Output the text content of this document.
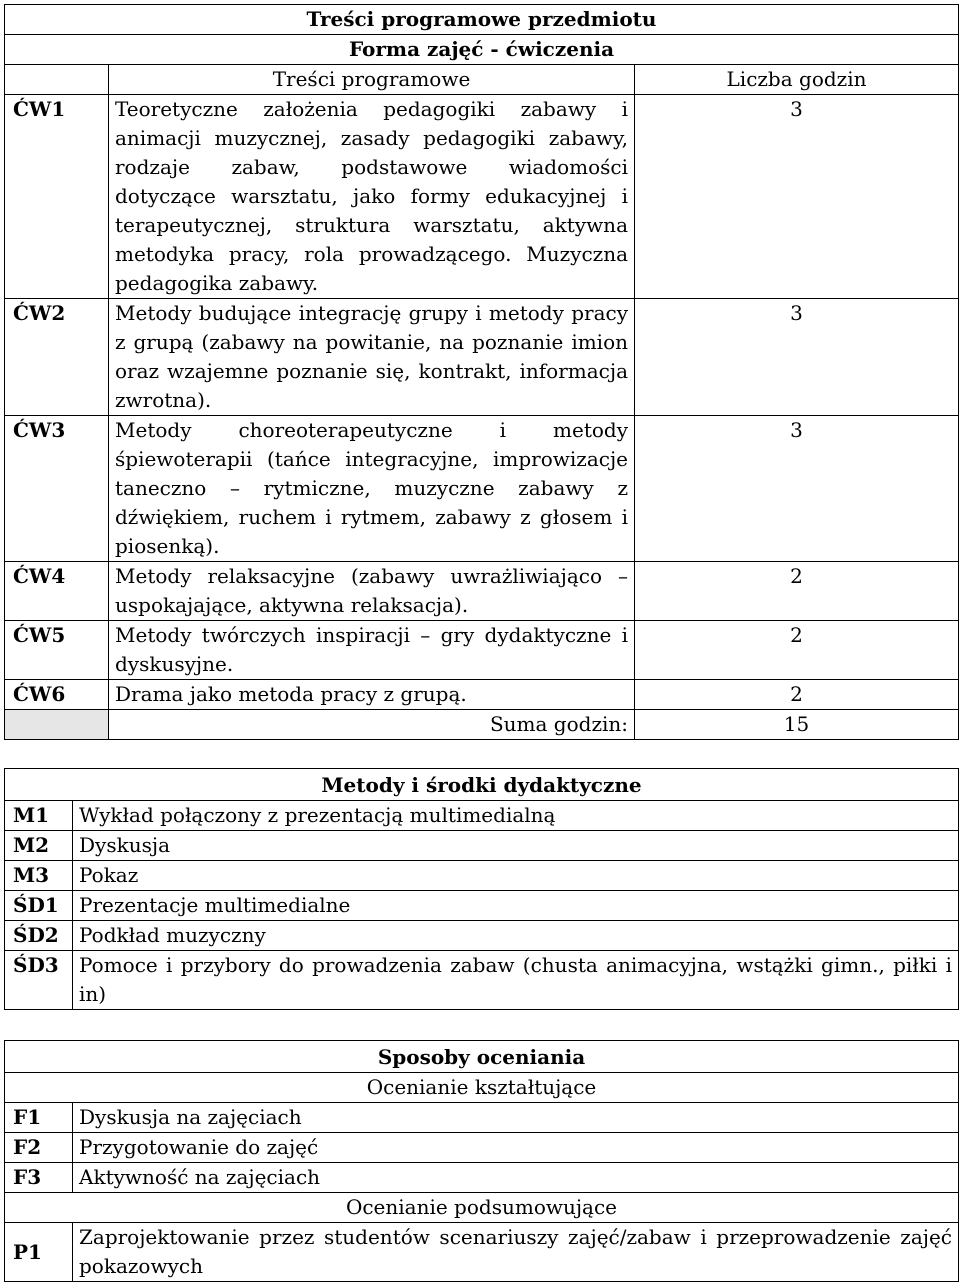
Treści programowe przedmiotu		
Forma zajęć - ćwiczenia		
	Treści programowe	Liczba godzin
ĆW1	Teoretyczne założenia pedagogiki zabawy i animacji muzycznej, zasady pedagogiki zabawy, rodzaje zabaw, podstawowe wiadomości dotyczące warsztatu, jako formy edukacyjnej i terapeutycznej, struktura warsztatu, aktywna metodyka pracy, rola prowadzącego. Muzyczna pedagogika zabawy.	3
ĆW2	Metody budujące integrację grupy i metody pracy z grupą (zabawy na powitanie, na poznanie imion oraz wzajemne poznanie się, kontrakt, informacja zwrotna).	3
ĆW3	Metody choreoterapeutyczne i metody śpiewoterapii (tańce integracyjne, improwizacje taneczno – rytmiczne, muzyczne zabawy z dźwiękiem, ruchem i rytmem, zabawy z głosem i piosenką).	3
ĆW4	Metody relaksacyjne (zabawy uwrażliwiająco – uspokajające, aktywna relaksacja).	2
ĆW5	Metody twórczych inspiracji – gry dydaktyczne i dyskusyjne.	2
ĆW6	Drama jako metoda pracy z grupą.	2
	Suma godzin:	15
Metody i środki dydaktyczne	
M1	Wykład połączony z prezentacją multimedialną
M2	Dyskusja
M3	Pokaz
ŚD1	Prezentacje multimedialne
ŚD2	Podkład muzyczny
ŚD3	Pomoce i przybory do prowadzenia zabaw (chusta animacyjna, wstążki gimn., piłki i in)
Sposoby oceniania	
Ocenianie kształtujące	
F1	Dyskusja na zajęciach
F2	Przygotowanie do zajęć
F3	Aktywność na zajęciach
Ocenianie podsumowujące	
P1	Zaprojektowanie przez studentów scenariuszy zajęć/zabaw i przeprowadzenie zajęć pokazowych
